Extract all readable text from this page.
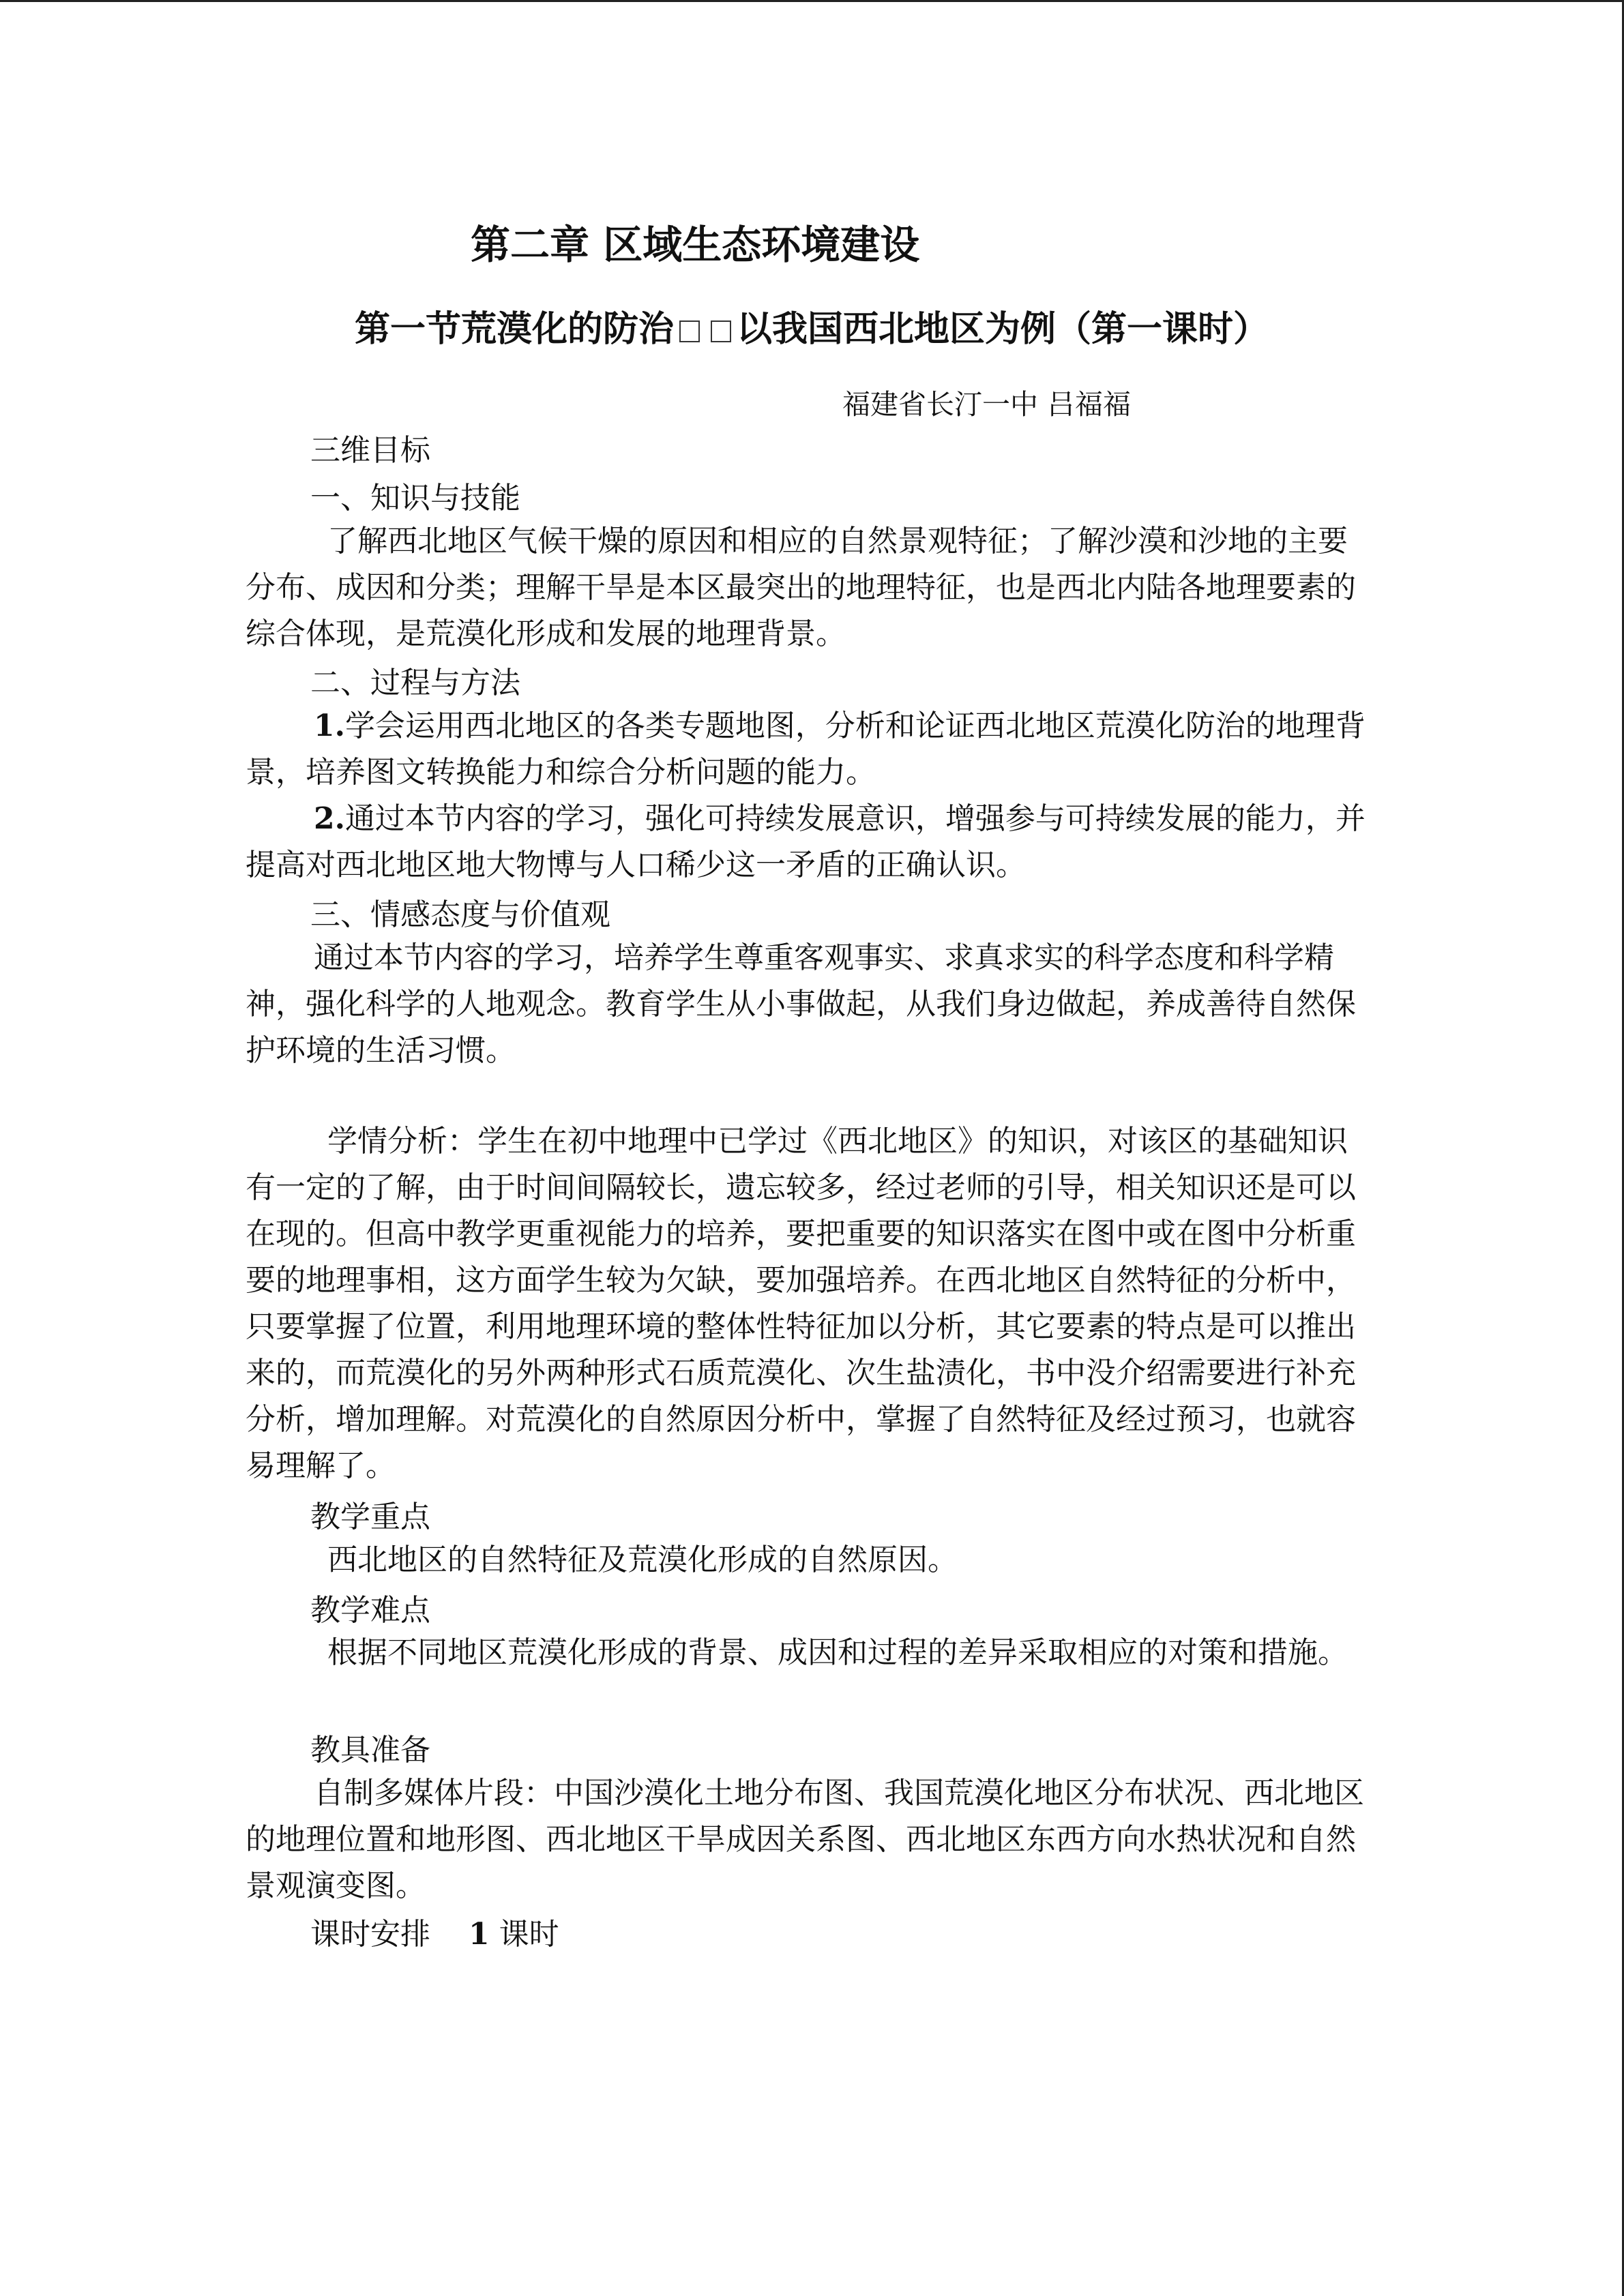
第二章 区域生态环境建设
第一节荒漠化的防治 以我国西北地区为例（第一课时）
福建省长汀一中 吕福福
三维目标
一、知识与技能
了解西北地区气候干燥的原因和相应的自然景观特征；了解沙漠和沙地的主要分布、成因和分类；理解干旱是本区最突出的地理特征，也是西北内陆各地理要素的综合体现，是荒漠化形成和发展的地理背景。
二、过程与方法
1.学会运用西北地区的各类专题地图，分析和论证西北地区荒漠化防治的地理背景，培养图文转换能力和综合分析问题的能力。
2.通过本节内容的学习，强化可持续发展意识，增强参与可持续发展的能力，并提高对西北地区地大物博与人口稀少这一矛盾的正确认识。
三、情感态度与价值观
通过本节内容的学习，培养学生尊重客观事实、求真求实的科学态度和科学精神，强化科学的人地观念。教育学生从小事做起，从我们身边做起，养成善待自然保护环境的生活习惯。
学情分析：学生在初中地理中已学过《西北地区》的知识，对该区的基础知识有一定的了解，由于时间间隔较长，遗忘较多，经过老师的引导，相关知识还是可以在现的。但高中教学更重视能力的培养，要把重要的知识落实在图中或在图中分析重要的地理事相，这方面学生较为欠缺，要加强培养。在西北地区自然特征的分析中，只要掌握了位置，利用地理环境的整体性特征加以分析，其它要素的特点是可以推出来的，而荒漠化的另外两种形式石质荒漠化、次生盐渍化，书中没介绍需要进行补充分析，增加理解。对荒漠化的自然原因分析中，掌握了自然特征及经过预习，也就容易理解了。
教学重点
西北地区的自然特征及荒漠化形成的自然原因。
教学难点
根据不同地区荒漠化形成的背景、成因和过程的差异采取相应的对策和措施。
教具准备
自制多媒体片段：中国沙漠化土地分布图、我国荒漠化地区分布状况、西北地区的地理位置和地形图、西北地区干旱成因关系图、西北地区东西方向水热状况和自然景观演变图。
课时安排 1 课时
